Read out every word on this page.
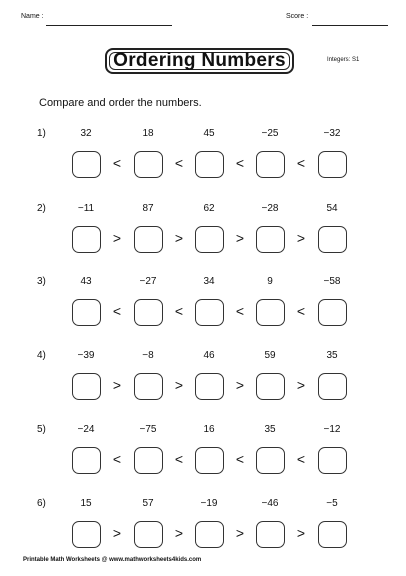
Name :	Score :
Ordering Numbers	Integers: S1
Compare and order the numbers.
1)	32	18	45	−25	−32
<	<	<	<
2)	−11	87	62	−28	54
>	>	>	>
3)	43	−27	34	9	−58
<	<	<	<
4)	−39	−8	46	59	35
>	>	>	>
5)	−24	−75	16	35	−12
<	<	<	<
6)	15	57	−19	−46	−5
>	>	>	>
Printable Math Worksheets @ www.mathworksheets4kids.com
